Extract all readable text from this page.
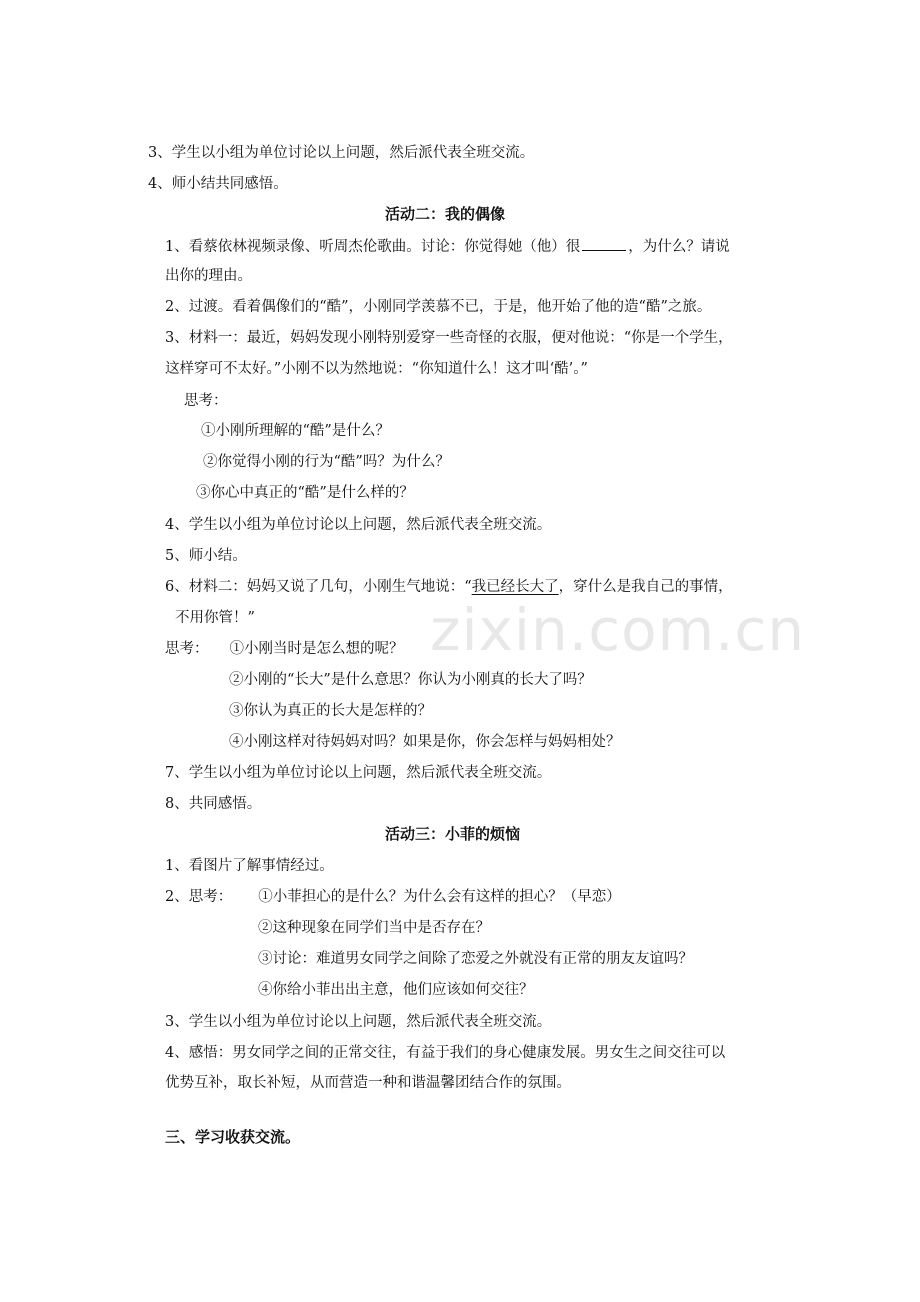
zixin.com.cn
3、学生以小组为单位讨论以上问题，然后派代表全班交流。
4、师小结共同感悟。
活动二：我的偶像
1、看蔡依林视频录像、听周杰伦歌曲。讨论：你觉得她（他）很	，为什么？请说
出你的理由。
2、过渡。看着偶像们的“酷”，小刚同学羡慕不已，于是，他开始了他的造“酷”之旅。
3、材料一：最近，妈妈发现小刚特别爱穿一些奇怪的衣服，便对他说：“你是一个学生，
这样穿可不太好。”小刚不以为然地说：“你知道什么！这才叫‘酷’。”
思考：
①小刚所理解的“酷”是什么？
②你觉得小刚的行为“酷”吗？为什么？
③你心中真正的“酷”是什么样的？
4、学生以小组为单位讨论以上问题，然后派代表全班交流。
5、师小结。
6、材料二：妈妈又说了几句，小刚生气地说：“我已经长大了，穿什么是我自己的事情，
不用你管！”
思考： ①小刚当时是怎么想的呢？
②小刚的“长大”是什么意思？你认为小刚真的长大了吗？
③你认为真正的长大是怎样的？
④小刚这样对待妈妈对吗？如果是你，你会怎样与妈妈相处？
7、学生以小组为单位讨论以上问题，然后派代表全班交流。
8、共同感悟。
活动三：小菲的烦恼
1、看图片了解事情经过。
2、思考： ①小菲担心的是什么？为什么会有这样的担心？（早恋）
②这种现象在同学们当中是否存在？
③讨论：难道男女同学之间除了恋爱之外就没有正常的朋友友谊吗？
④你给小菲出出主意，他们应该如何交往？
3、学生以小组为单位讨论以上问题，然后派代表全班交流。
4、感悟：男女同学之间的正常交往，有益于我们的身心健康发展。男女生之间交往可以
优势互补，取长补短，从而营造一种和谐温馨团结合作的氛围。
三、学习收获交流。
